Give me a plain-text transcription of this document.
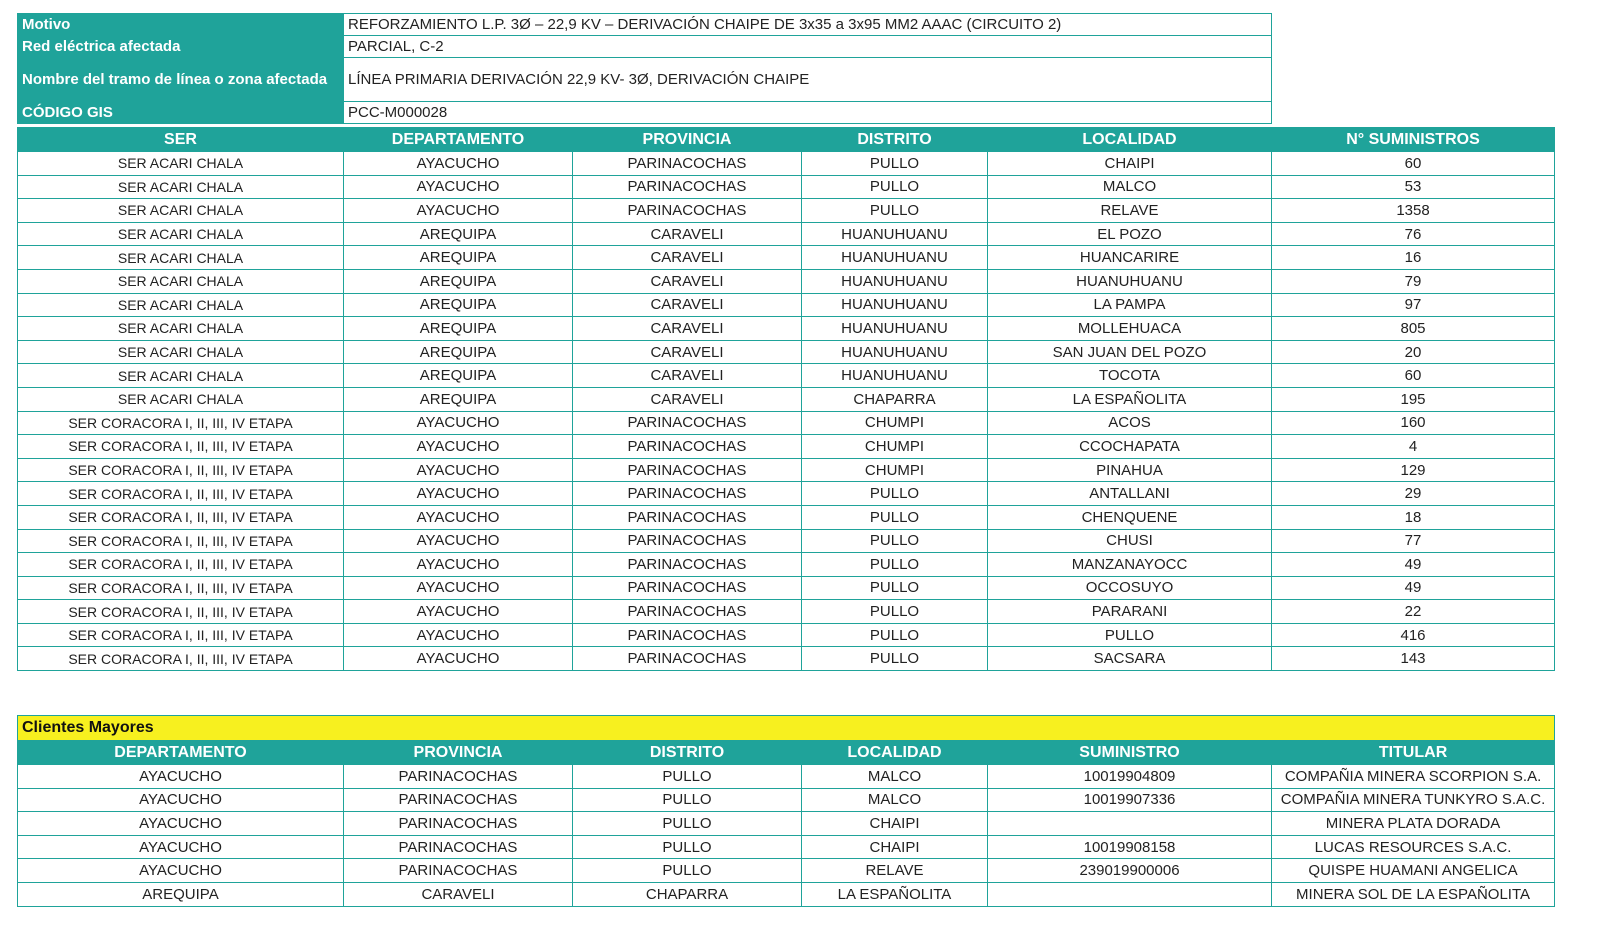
Motivo	REFORZAMIENTO L.P. 3Ø – 22,9 KV – DERIVACIÓN CHAIPE DE 3x35 a 3x95 MM2 AAAC (CIRCUITO 2)
Red eléctrica afectada	PARCIAL, C-2
Nombre del tramo de línea o zona afectada	LÍNEA PRIMARIA DERIVACIÓN 22,9 KV- 3Ø, DERIVACIÓN CHAIPE
CÓDIGO GIS	PCC-M000028
SER	DEPARTAMENTO	PROVINCIA	DISTRITO	LOCALIDAD	N° SUMINISTROS
SER ACARI CHALA	AYACUCHO	PARINACOCHAS	PULLO	CHAIPI	60
SER ACARI CHALA	AYACUCHO	PARINACOCHAS	PULLO	MALCO	53
SER ACARI CHALA	AYACUCHO	PARINACOCHAS	PULLO	RELAVE	1358
SER ACARI CHALA	AREQUIPA	CARAVELI	HUANUHUANU	EL POZO	76
SER ACARI CHALA	AREQUIPA	CARAVELI	HUANUHUANU	HUANCARIRE	16
SER ACARI CHALA	AREQUIPA	CARAVELI	HUANUHUANU	HUANUHUANU	79
SER ACARI CHALA	AREQUIPA	CARAVELI	HUANUHUANU	LA PAMPA	97
SER ACARI CHALA	AREQUIPA	CARAVELI	HUANUHUANU	MOLLEHUACA	805
SER ACARI CHALA	AREQUIPA	CARAVELI	HUANUHUANU	SAN JUAN DEL POZO	20
SER ACARI CHALA	AREQUIPA	CARAVELI	HUANUHUANU	TOCOTA	60
SER ACARI CHALA	AREQUIPA	CARAVELI	CHAPARRA	LA ESPAÑOLITA	195
SER CORACORA I, II, III, IV ETAPA	AYACUCHO	PARINACOCHAS	CHUMPI	ACOS	160
SER CORACORA I, II, III, IV ETAPA	AYACUCHO	PARINACOCHAS	CHUMPI	CCOCHAPATA	4
SER CORACORA I, II, III, IV ETAPA	AYACUCHO	PARINACOCHAS	CHUMPI	PINAHUA	129
SER CORACORA I, II, III, IV ETAPA	AYACUCHO	PARINACOCHAS	PULLO	ANTALLANI	29
SER CORACORA I, II, III, IV ETAPA	AYACUCHO	PARINACOCHAS	PULLO	CHENQUENE	18
SER CORACORA I, II, III, IV ETAPA	AYACUCHO	PARINACOCHAS	PULLO	CHUSI	77
SER CORACORA I, II, III, IV ETAPA	AYACUCHO	PARINACOCHAS	PULLO	MANZANAYOCC	49
SER CORACORA I, II, III, IV ETAPA	AYACUCHO	PARINACOCHAS	PULLO	OCCOSUYO	49
SER CORACORA I, II, III, IV ETAPA	AYACUCHO	PARINACOCHAS	PULLO	PARARANI	22
SER CORACORA I, II, III, IV ETAPA	AYACUCHO	PARINACOCHAS	PULLO	PULLO	416
SER CORACORA I, II, III, IV ETAPA	AYACUCHO	PARINACOCHAS	PULLO	SACSARA	143
Clientes Mayores					
DEPARTAMENTO	PROVINCIA	DISTRITO	LOCALIDAD	SUMINISTRO	TITULAR
AYACUCHO	PARINACOCHAS	PULLO	MALCO	10019904809	COMPAÑIA MINERA SCORPION S.A.
AYACUCHO	PARINACOCHAS	PULLO	MALCO	10019907336	COMPAÑIA MINERA TUNKYRO S.A.C.
AYACUCHO	PARINACOCHAS	PULLO	CHAIPI		MINERA PLATA DORADA
AYACUCHO	PARINACOCHAS	PULLO	CHAIPI	10019908158	LUCAS RESOURCES S.A.C.
AYACUCHO	PARINACOCHAS	PULLO	RELAVE	239019900006	QUISPE HUAMANI ANGELICA
AREQUIPA	CARAVELI	CHAPARRA	LA ESPAÑOLITA		MINERA SOL DE LA ESPAÑOLITA
